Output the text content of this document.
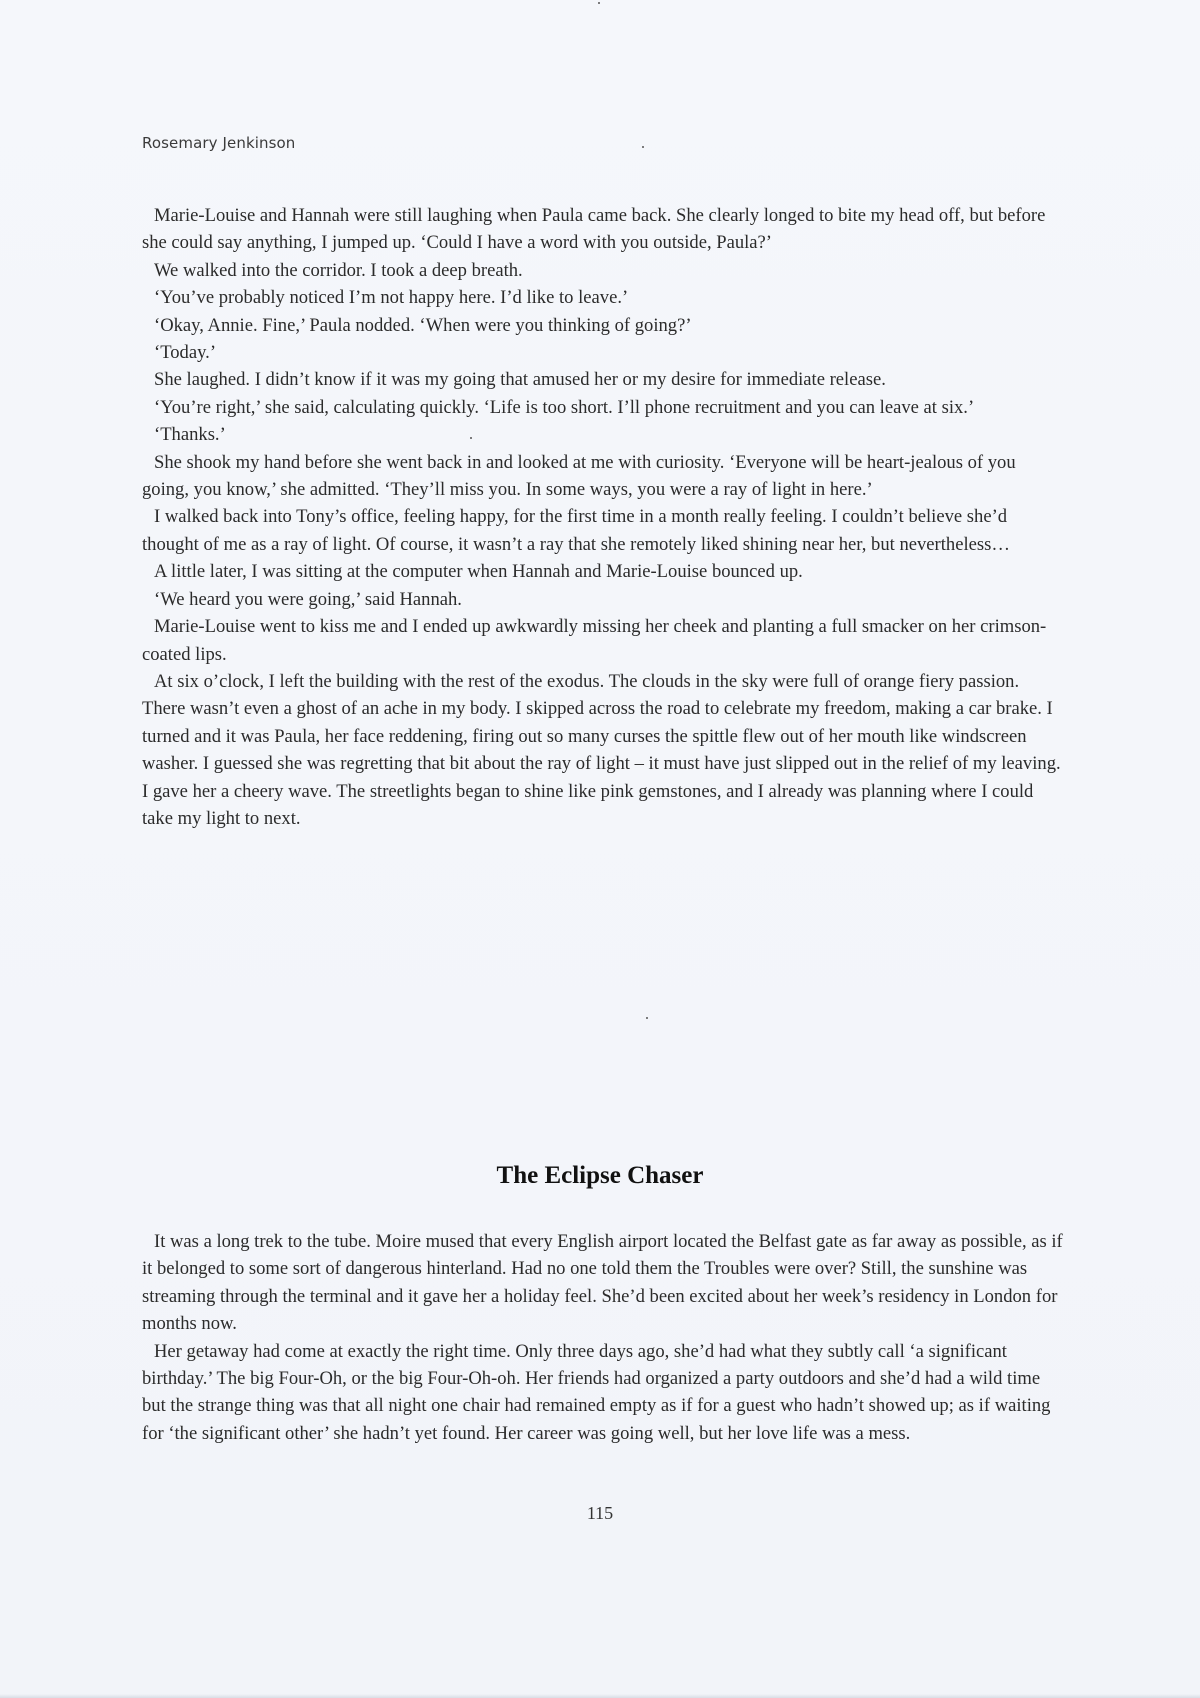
Rosemary Jenkinson

Marie-Louise and Hannah were still laughing when Paula came back. She clearly longed to bite my head off, but before she could say anything, I jumped up. ‘Could I have a word with you outside, Paula?’

We walked into the corridor. I took a deep breath.

‘You’ve probably noticed I’m not happy here. I’d like to leave.’

‘Okay, Annie. Fine,’ Paula nodded. ‘When were you thinking of going?’

‘Today.’

She laughed. I didn’t know if it was my going that amused her or my desire for immediate release.

‘You’re right,’ she said, calculating quickly. ‘Life is too short. I’ll phone recruitment and you can leave at six.’

‘Thanks.’

She shook my hand before she went back in and looked at me with curiosity. ‘Everyone will be heart-jealous of you going, you know,’ she admitted. ‘They’ll miss you. In some ways, you were a ray of light in here.’

I walked back into Tony’s office, feeling happy, for the first time in a month really feeling. I couldn’t believe she’d thought of me as a ray of light. Of course, it wasn’t a ray that she remotely liked shining near her, but nevertheless…

A little later, I was sitting at the computer when Hannah and Marie-Louise bounced up.

‘We heard you were going,’ said Hannah.

Marie-Louise went to kiss me and I ended up awkwardly missing her cheek and planting a full smacker on her crimson-coated lips.

At six o’clock, I left the building with the rest of the exodus. The clouds in the sky were full of orange fiery passion. There wasn’t even a ghost of an ache in my body. I skipped across the road to celebrate my freedom, making a car brake. I turned and it was Paula, her face reddening, firing out so many curses the spittle flew out of her mouth like windscreen washer. I guessed she was regretting that bit about the ray of light – it must have just slipped out in the relief of my leaving. I gave her a cheery wave. The streetlights began to shine like pink gemstones, and I already was planning where I could take my light to next.

The Eclipse Chaser

It was a long trek to the tube. Moire mused that every English airport located the Belfast gate as far away as possible, as if it belonged to some sort of dangerous hinterland. Had no one told them the Troubles were over? Still, the sunshine was streaming through the terminal and it gave her a holiday feel. She’d been excited about her week’s residency in London for months now.

Her getaway had come at exactly the right time. Only three days ago, she’d had what they subtly call ‘a significant birthday.’ The big Four-Oh, or the big Four-Oh-oh. Her friends had organized a party outdoors and she’d had a wild time but the strange thing was that all night one chair had remained empty as if for a guest who hadn’t showed up; as if waiting for ‘the significant other’ she hadn’t yet found. Her career was going well, but her love life was a mess.

115
